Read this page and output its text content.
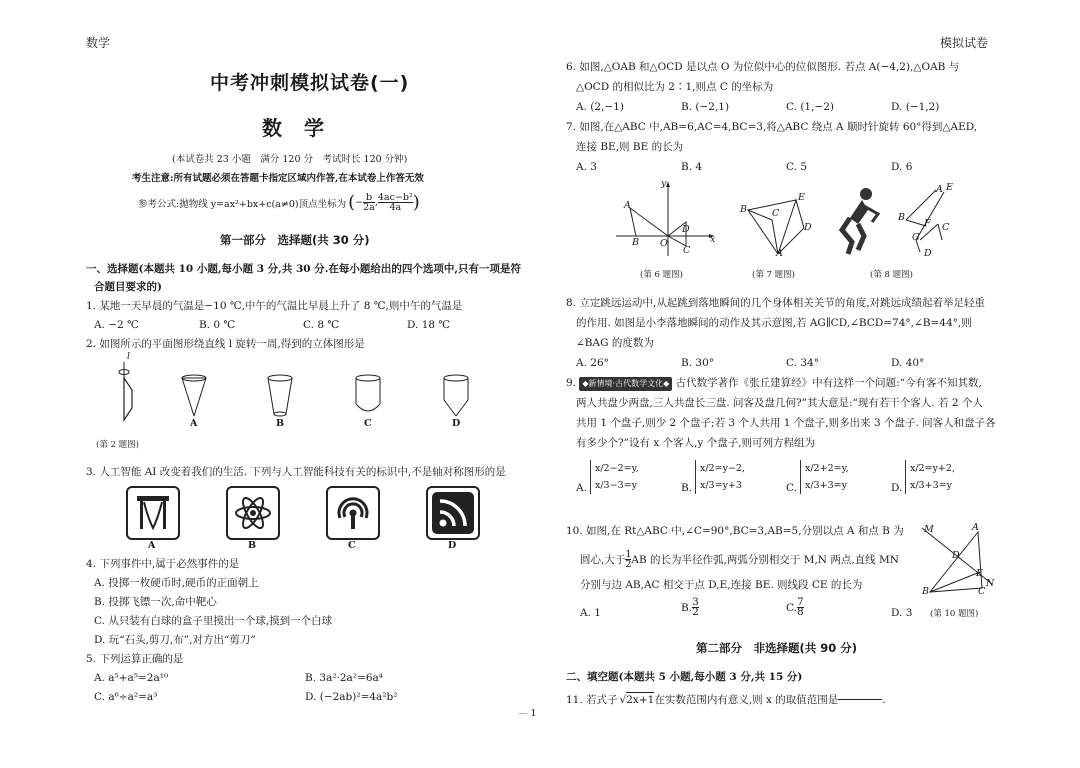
数学	模拟试卷
中考冲刺模拟试卷(一)
数学
(本试卷共 23 小题　满分 120 分　考试时长 120 分钟)
考生注意:所有试题必须在答题卡指定区域内作答,在本试卷上作答无效
参考公式:抛物线 y=ax²+bx+c(a≠0)顶点坐标为 ( − b
2a , 4ac−b²
4a )
第一部分　选择题(共 30 分)
一、选择题(本题共 10 小题,每小题 3 分,共 30 分.在每小题给出的四个选项中,只有一项是符
合题目要求的)
1. 某地一天早晨的气温是−10 ℃,中午的气温比早晨上升了 8 ℃,则中午的气温是
A. −2 ℃	B. 0 ℃	C. 8 ℃	D. 18 ℃
2. 如图所示的平面图形绕直线 l 旋转一周,得到的立体图形是
l
A	B	C	D
(第 2 题图)
3. 人工智能 AI 改变着我们的生活. 下列与人工智能科技有关的标识中,不是轴对称图形的是
A	B	C	D
4. 下列事件中,属于必然事件的是
A. 投掷一枚硬币时,硬币的正面朝上
B. 投掷飞镖一次,命中靶心
C. 从只装有白球的盒子里摸出一个球,摸到一个白球
D. 玩“石头,剪刀,布”,对方出“剪刀”
5. 下列运算正确的是
A. a⁵+a⁵=2a¹⁰	B. 3a²·2a²=6a⁴
C. a⁶÷a²=a³	D. (−2ab)²=4a²b²
6. 如图,△OAB 和△OCD 是以点 O 为位似中心的位似图形. 若点 A(−4,2),△OAB 与
△OCD 的相似比为 2∶1,则点 C 的坐标为
A. (2,−1)	B. (−2,1)	C. (1,−2)	D. (−1,2)
7. 如图,在△ABC 中,AB=6,AC=4,BC=3,将△ABC 绕点 A 顺时针旋转 60°得到△AED,
连接 BE,则 BE 的长为
A. 3	B. 4	C. 5	D. 6
y
x
A
B O
C
D
B	C
E
D
A
A E
B
F
G
C
D
(第 6 题图)	(第 7 题图)	(第 8 题图)
8. 立定跳远运动中,从起跳到落地瞬间的几个身体相关关节的角度,对跳远成绩起着举足轻重
的作用. 如图是小李落地瞬间的动作及其示意图,若 AG∥CD,∠BCD=74°,∠B=44°,则
∠BAG 的度数为
A. 26°	B. 30°	C. 34°	D. 40°
9. ◆新情境·古代数学文化◆ 古代数学著作《张丘建算经》中有这样一个问题:“今有客不知其数,
两人共盘少两盘,三人共盘长三盘. 问客及盘几何?”其大意是:“现有若干个客人. 若 2 个人
共用 1 个盘子,则少 2 个盘子;若 3 个人共用 1 个盘子,则多出来 3 个盘子. 问客人和盘子各
有多少个?”设有 x 个客人,y 个盘子,则可列方程组为
A.
x/2−2=y,
x/3−3=y	B.
x/2=y−2,
x/3=y+3	C.
x/2+2=y,
x/3+3=y	D.
x/2=y+2,
x/3+3=y
10. 如图,在 Rt△ABC 中,∠C=90°,BC=3,AB=5,分别以点 A 和点 B 为
圆心,大于 1
2 AB 的长为半径作弧,两弧分别相交于 M,N 两点,直线 MN
分别与边 AB,AC 相交于点 D,E,连接 BE. 则线段 CE 的长为
A. 1	B. 3
2	C. 7
8	D. 3 (第 10 题图)
M	A
D
E
B	C
N
第二部分　非选择题(共 90 分)
二、填空题(本题共 5 小题,每小题 3 分,共 15 分)
11. 若式子 √ 2x+1 在实数范围内有意义,则 x 的取值范围是	.
— 1
